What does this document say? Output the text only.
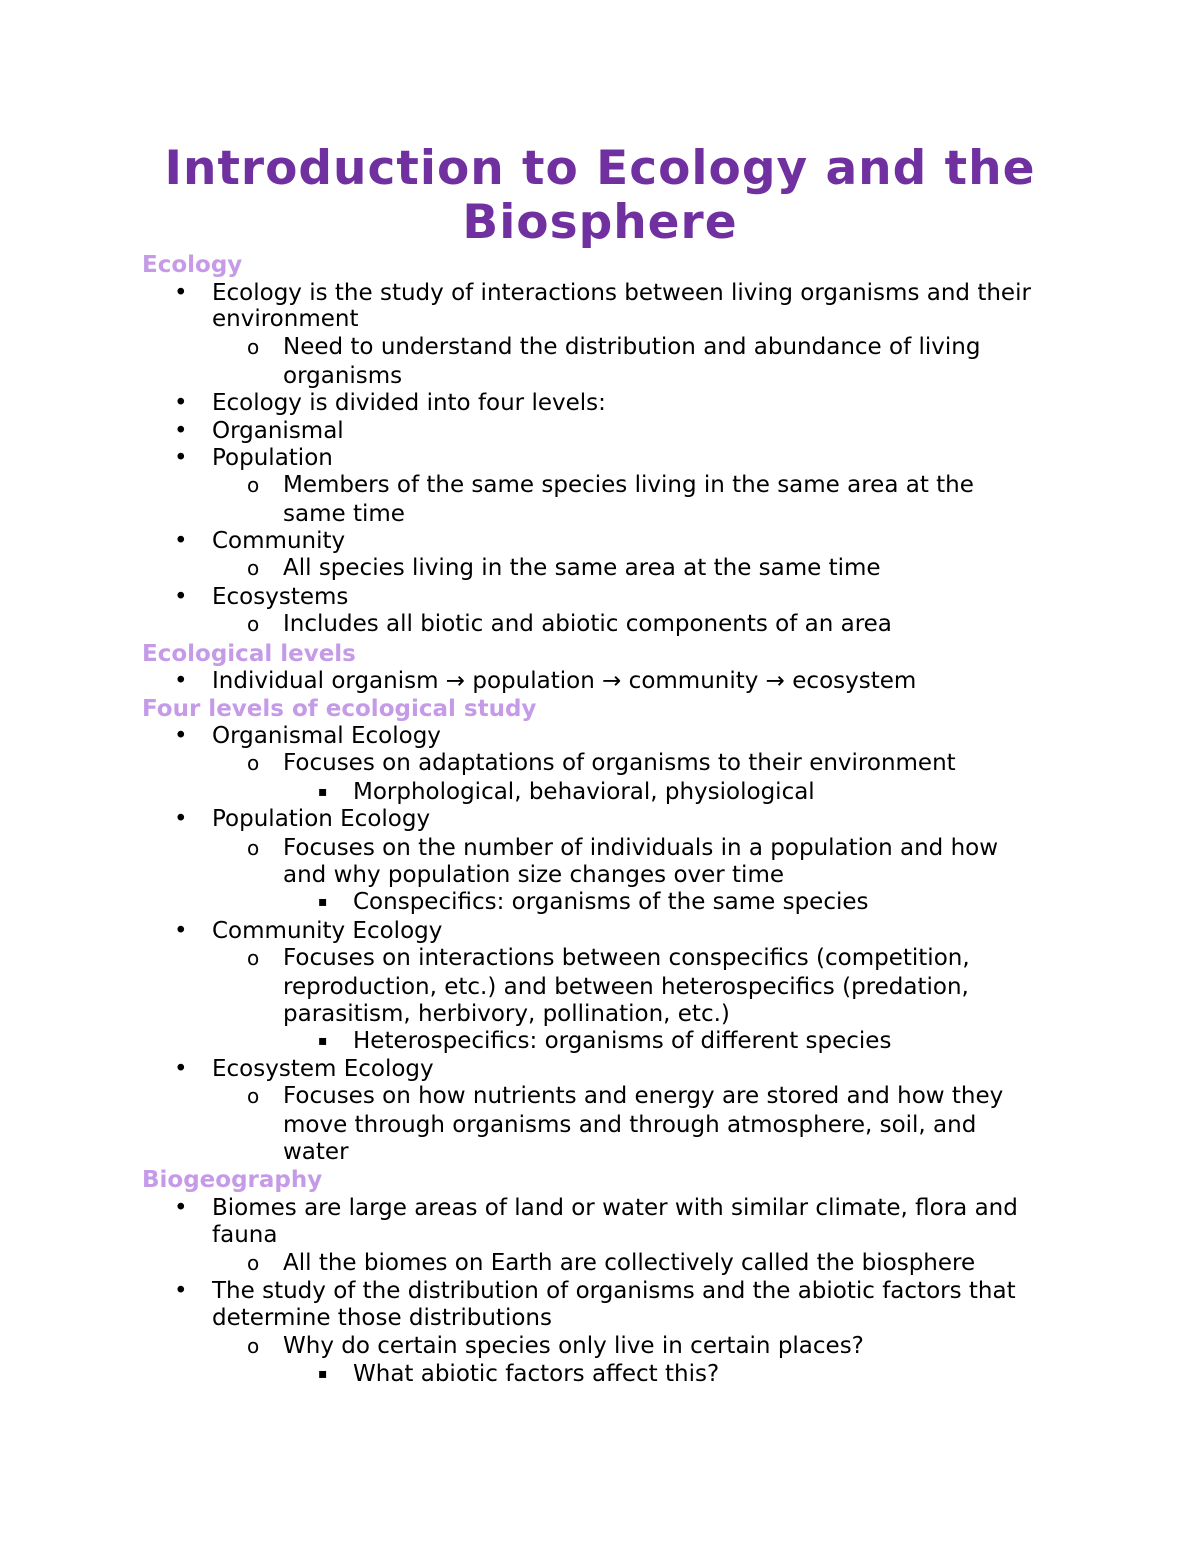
Introduction to Ecology and the
Biosphere
Ecology
• Ecology is the study of interactions between living organisms and their
environment
o Need to understand the distribution and abundance of living
organisms
• Ecology is divided into four levels:
• Organismal
• Population
o Members of the same species living in the same area at the
same time
• Community
o All species living in the same area at the same time
• Ecosystems
o Includes all biotic and abiotic components of an area
Ecological levels
• Individual organism → population → community → ecosystem
Four levels of ecological study
• Organismal Ecology
o Focuses on adaptations of organisms to their environment
▪ Morphological, behavioral, physiological
• Population Ecology
o Focuses on the number of individuals in a population and how
and why population size changes over time
▪ Conspecifics: organisms of the same species
• Community Ecology
o Focuses on interactions between conspecifics (competition,
reproduction, etc.) and between heterospecifics (predation,
parasitism, herbivory, pollination, etc.)
▪ Heterospecifics: organisms of different species
• Ecosystem Ecology
o Focuses on how nutrients and energy are stored and how they
move through organisms and through atmosphere, soil, and
water
Biogeography
• Biomes are large areas of land or water with similar climate, flora and
fauna
o All the biomes on Earth are collectively called the biosphere
• The study of the distribution of organisms and the abiotic factors that
determine those distributions
o Why do certain species only live in certain places?
▪ What abiotic factors affect this?
